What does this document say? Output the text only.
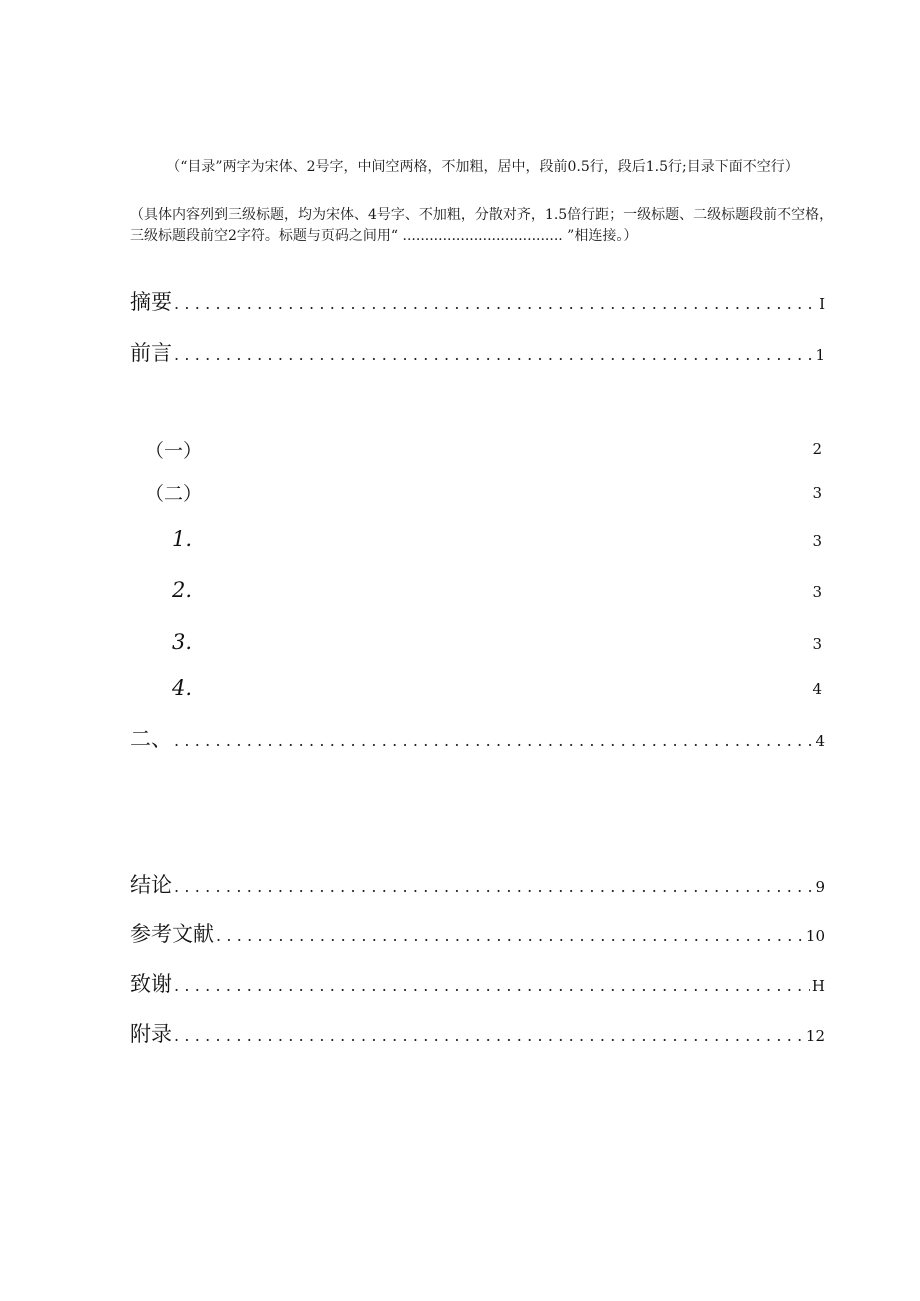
（“目录”两字为宋体、2号字，中间空两格，不加粗，居中，段前0.5行，段后1.5行;目录下面不空行）
（具体内容列到三级标题，均为宋体、4号字、不加粗，分散对齐，1.5倍行距；一级标题、二级标题段前不空格，三级标题段前空2字符。标题与页码之间用“ .................................... ”相连接。）
摘要 .....	I
前言 .....	1
（一）	2
（二）	3
1.	3
2.	3
3.	3
4.	4
二、 .....	4
结论 .....	9
参考文献 .....	10
致谢 .....	H
附录 .....	12
